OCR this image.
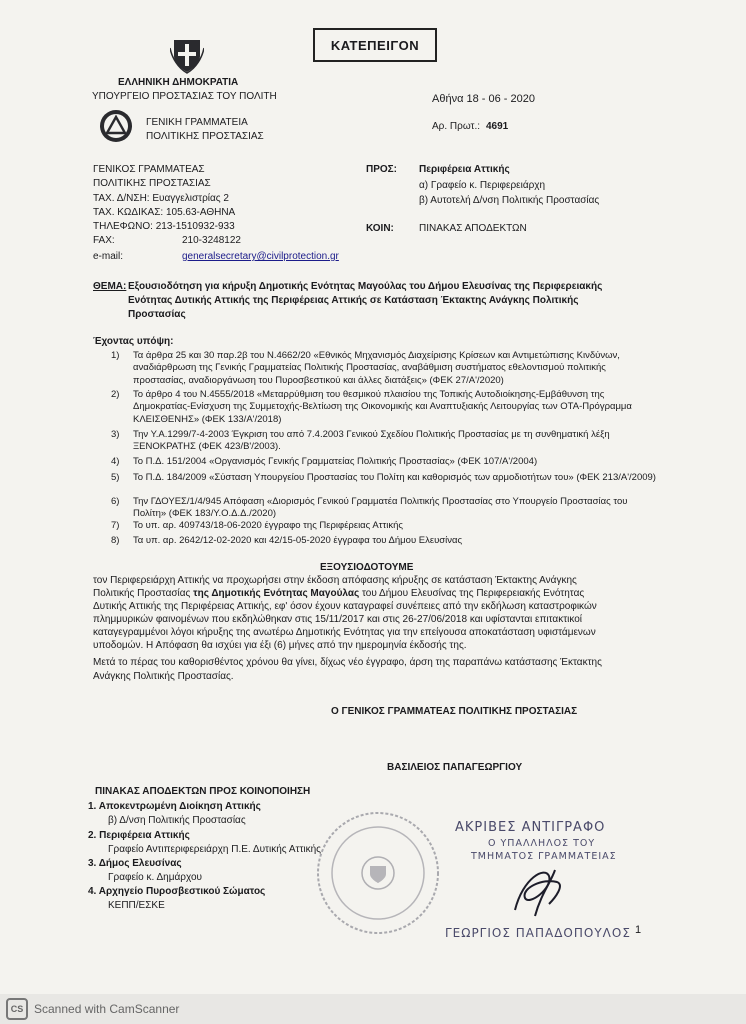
ΚΑΤΕΠΕΙΓΟΝ
ΕΛΛΗΝΙΚΗ ΔΗΜΟΚΡΑΤΙΑ
ΥΠΟΥΡΓΕΙΟ ΠΡΟΣΤΑΣΙΑΣ ΤΟΥ ΠΟΛΙΤΗ
ΓΕΝΙΚΗ ΓΡΑΜΜΑΤΕΙΑ
ΠΟΛΙΤΙΚΗΣ ΠΡΟΣΤΑΣΙΑΣ
Αθήνα 18 - 06 - 2020
Αρ. Πρωτ.: 4691
ΓΕΝΙΚΟΣ ΓΡΑΜΜΑΤΕΑΣ
ΠΟΛΙΤΙΚΗΣ ΠΡΟΣΤΑΣΙΑΣ
ΤΑΧ. Δ/ΝΣΗ: Ευαγγελιστρίας 2
ΤΑΧ. ΚΩΔΙΚΑΣ: 105.63-ΑΘΗΝΑ
ΤΗΛΕΦΩΝΟ: 213-1510932-933
FAX:	210-3248122
e-mail:	generalsecretary@civilprotection.gr
ΠΡΟΣ: Περιφέρεια Αττικής
α) Γραφείο κ. Περιφερειάρχη
β) Αυτοτελή Δ/νση Πολιτικής Προστασίας
ΚΟΙΝ:	ΠΙΝΑΚΑΣ ΑΠΟΔΕΚΤΩΝ
ΘΕΜΑ: Εξουσιοδότηση για κήρυξη Δημοτικής Ενότητας Μαγούλας του Δήμου Ελευσίνας της Περιφερειακής
Ενότητας Δυτικής Αττικής της Περιφέρειας Αττικής σε Κατάσταση Έκτακτης Ανάγκης Πολιτικής
Προστασίας
Έχοντας υπόψη:
1) Τα άρθρα 25 και 30 παρ.2β του Ν.4662/20 «Εθνικός Μηχανισμός Διαχείρισης Κρίσεων και Αντιμετώπισης Κινδύνων, αναδιάρθρωση της Γενικής Γραμματείας Πολιτικής Προστασίας, αναβάθμιση συστήματος εθελοντισμού πολιτικής προστασίας, αναδιοργάνωση του Πυροσβεστικού και άλλες διατάξεις» (ΦΕΚ 27/Α'/2020)
2) Το άρθρο 4 του Ν.4555/2018 «Μεταρρύθμιση του θεσμικού πλαισίου της Τοπικής Αυτοδιοίκησης-Εμβάθυνση της Δημοκρατίας-Ενίσχυση της Συμμετοχής-Βελτίωση της Οικονομικής και Αναπτυξιακής Λειτουργίας των ΟΤΑ-Πρόγραμμα ΚΛΕΙΣΘΕΝΗΣ» (ΦΕΚ 133/Α'/2018)
3) Την Υ.Α.1299/7-4-2003 Έγκριση του από 7.4.2003 Γενικού Σχεδίου Πολιτικής Προστασίας με τη συνθηματική λέξη ΞΕΝΟΚΡΑΤΗΣ (ΦΕΚ 423/Β'/2003).
4) Το Π.Δ. 151/2004 «Οργανισμός Γενικής Γραμματείας Πολιτικής Προστασίας» (ΦΕΚ 107/Α'/2004)
5) Το Π.Δ. 184/2009 «Σύσταση Υπουργείου Προστασίας του Πολίτη και καθορισμός των αρμοδιοτήτων του» (ΦΕΚ 213/Α'/2009)
6) Την ΓΔΟΥΕΣ/1/4/945 Απόφαση «Διορισμός Γενικού Γραμματέα Πολιτικής Προστασίας στο Υπουργείο Προστασίας του Πολίτη» (ΦΕΚ 183/Υ.Ο.Δ.Δ./2020)
7) Το υπ. αρ. 409743/18-06-2020 έγγραφο της Περιφέρειας Αττικής
8) Τα υπ. αρ. 2642/12-02-2020 και 42/15-05-2020 έγγραφα του Δήμου Ελευσίνας
ΕΞΟΥΣΙΟΔΟΤΟΥΜΕ
τον Περιφερειάρχη Αττικής να προχωρήσει στην έκδοση απόφασης κήρυξης σε κατάσταση Έκτακτης Ανάγκης
Πολιτικής Προστασίας της Δημοτικής Ενότητας Μαγούλας του Δήμου Ελευσίνας της Περιφερειακής Ενότητας
Δυτικής Αττικής της Περιφέρειας Αττικής, εφ' όσον έχουν καταγραφεί συνέπειες από την εκδήλωση καταστροφικών
πλημμυρικών φαινομένων που εκδηλώθηκαν στις 15/11/2017 και στις 26-27/06/2018 και υφίστανται επιτακτικοί
καταγεγραμμένοι λόγοι κήρυξης της ανωτέρω Δημοτικής Ενότητας για την επείγουσα αποκατάσταση υφιστάμενων
υποδομών. Η Απόφαση θα ισχύει για έξι (6) μήνες από την ημερομηνία έκδοσής της.
Μετά το πέρας του καθορισθέντος χρόνου θα γίνει, δίχως νέο έγγραφο, άρση της παραπάνω κατάστασης Έκτακτης
Ανάγκης Πολιτικής Προστασίας.
Ο ΓΕΝΙΚΟΣ ΓΡΑΜΜΑΤΕΑΣ ΠΟΛΙΤΙΚΗΣ ΠΡΟΣΤΑΣΙΑΣ
ΒΑΣΙΛΕΙΟΣ ΠΑΠΑΓΕΩΡΓΙΟΥ
ΠΙΝΑΚΑΣ ΑΠΟΔΕΚΤΩΝ ΠΡΟΣ ΚΟΙΝΟΠΟΙΗΣΗ
1. Αποκεντρωμένη Διοίκηση Αττικής
β) Δ/νση Πολιτικής Προστασίας
2. Περιφέρεια Αττικής
Γραφείο Αντιπεριφερειάρχη Π.Ε. Δυτικής Αττικής
3. Δήμος Ελευσίνας
Γραφείο κ. Δημάρχου
4. Αρχηγείο Πυροσβεστικού Σώματος
ΚΕΠΠ/ΕΣΚΕ
ΑΚΡΙΒΕΣ ΑΝΤΙΓΡΑΦΟ
Ο ΥΠΑΛΛΗΛΟΣ ΤΟΥ
ΤΜΗΜΑΤΟΣ ΓΡΑΜΜΑΤΕΙΑΣ
ΓΕΩΡΓΙΟΣ ΠΑΠΑΔΟΠΟΥΛΟΣ 1
CS Scanned with CamScanner
